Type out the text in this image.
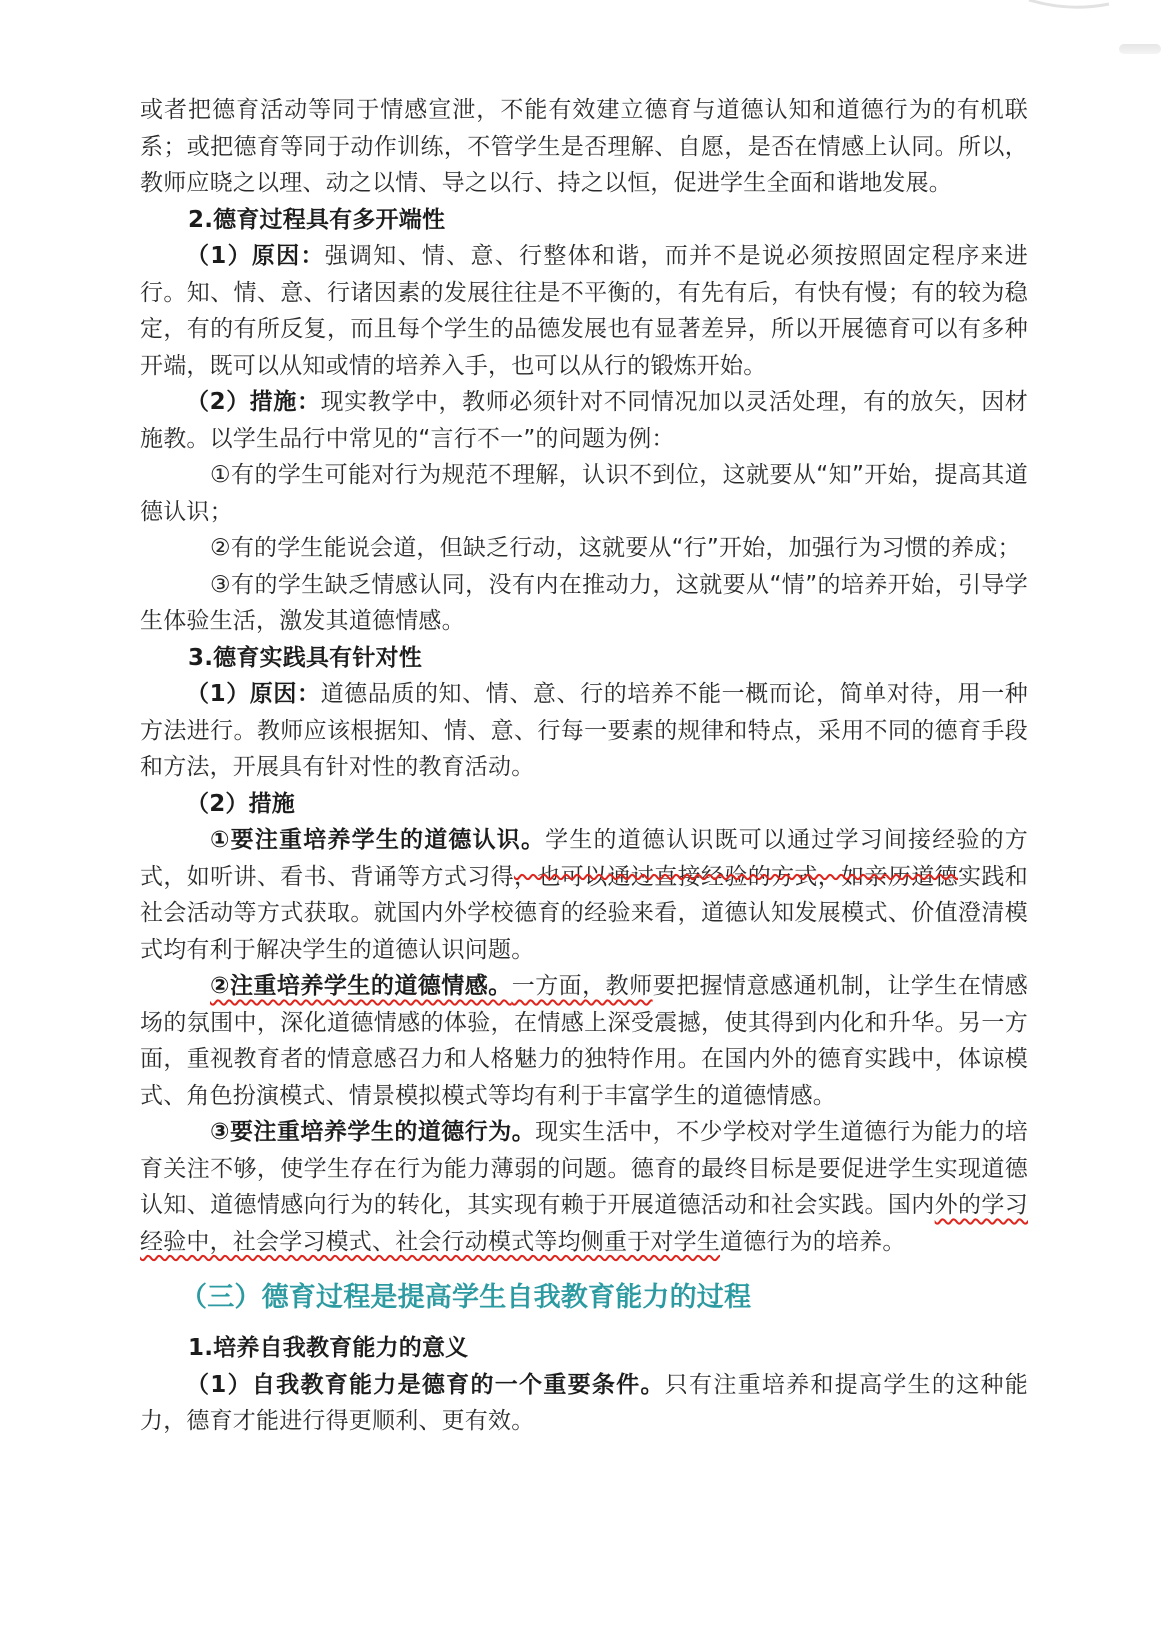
或者把德育活动等同于情感宣泄，不能有效建立德育与道德认知和道德行为的有机联系；或把德育等同于动作训练，不管学生是否理解、自愿，是否在情感上认同。所以，教师应晓之以理、动之以情、导之以行、持之以恒，促进学生全面和谐地发展。

2.德育过程具有多开端性

（1）原因：强调知、情、意、行整体和谐，而并不是说必须按照固定程序来进行。知、情、意、行诸因素的发展往往是不平衡的，有先有后，有快有慢；有的较为稳定，有的有所反复，而且每个学生的品德发展也有显著差异，所以开展德育可以有多种开端，既可以从知或情的培养入手，也可以从行的锻炼开始。

（2）措施：现实教学中，教师必须针对不同情况加以灵活处理，有的放矢，因材施教。以学生品行中常见的“言行不一”的问题为例：

①有的学生可能对行为规范不理解，认识不到位，这就要从“知”开始，提高其道德认识；

②有的学生能说会道，但缺乏行动，这就要从“行”开始，加强行为习惯的养成；

③有的学生缺乏情感认同，没有内在推动力，这就要从“情”的培养开始，引导学生体验生活，激发其道德情感。

3.德育实践具有针对性

（1）原因：道德品质的知、情、意、行的培养不能一概而论，简单对待，用一种方法进行。教师应该根据知、情、意、行每一要素的规律和特点，采用不同的德育手段和方法，开展具有针对性的教育活动。

（2）措施

①要注重培养学生的道德认识。学生的道德认识既可以通过学习间接经验的方式，如听讲、看书、背诵等方式习得，也可以通过直接经验的方式，如亲历道德实践和社会活动等方式获取。就国内外学校德育的经验来看，道德认知发展模式、价值澄清模式均有利于解决学生的道德认识问题。

②注重培养学生的道德情感。一方面，教师要把握情意感通机制，让学生在情感场的氛围中，深化道德情感的体验，在情感上深受震撼，使其得到内化和升华。另一方面，重视教育者的情意感召力和人格魅力的独特作用。在国内外的德育实践中，体谅模式、角色扮演模式、情景模拟模式等均有利于丰富学生的道德情感。

③要注重培养学生的道德行为。现实生活中，不少学校对学生道德行为能力的培育关注不够，使学生存在行为能力薄弱的问题。德育的最终目标是要促进学生实现道德认知、道德情感向行为的转化，其实现有赖于开展道德活动和社会实践。国内外的学习经验中，社会学习模式、社会行动模式等均侧重于对学生道德行为的培养。

（三）德育过程是提高学生自我教育能力的过程

1.培养自我教育能力的意义

（1）自我教育能力是德育的一个重要条件。只有注重培养和提高学生的这种能力，德育才能进行得更顺利、更有效。
